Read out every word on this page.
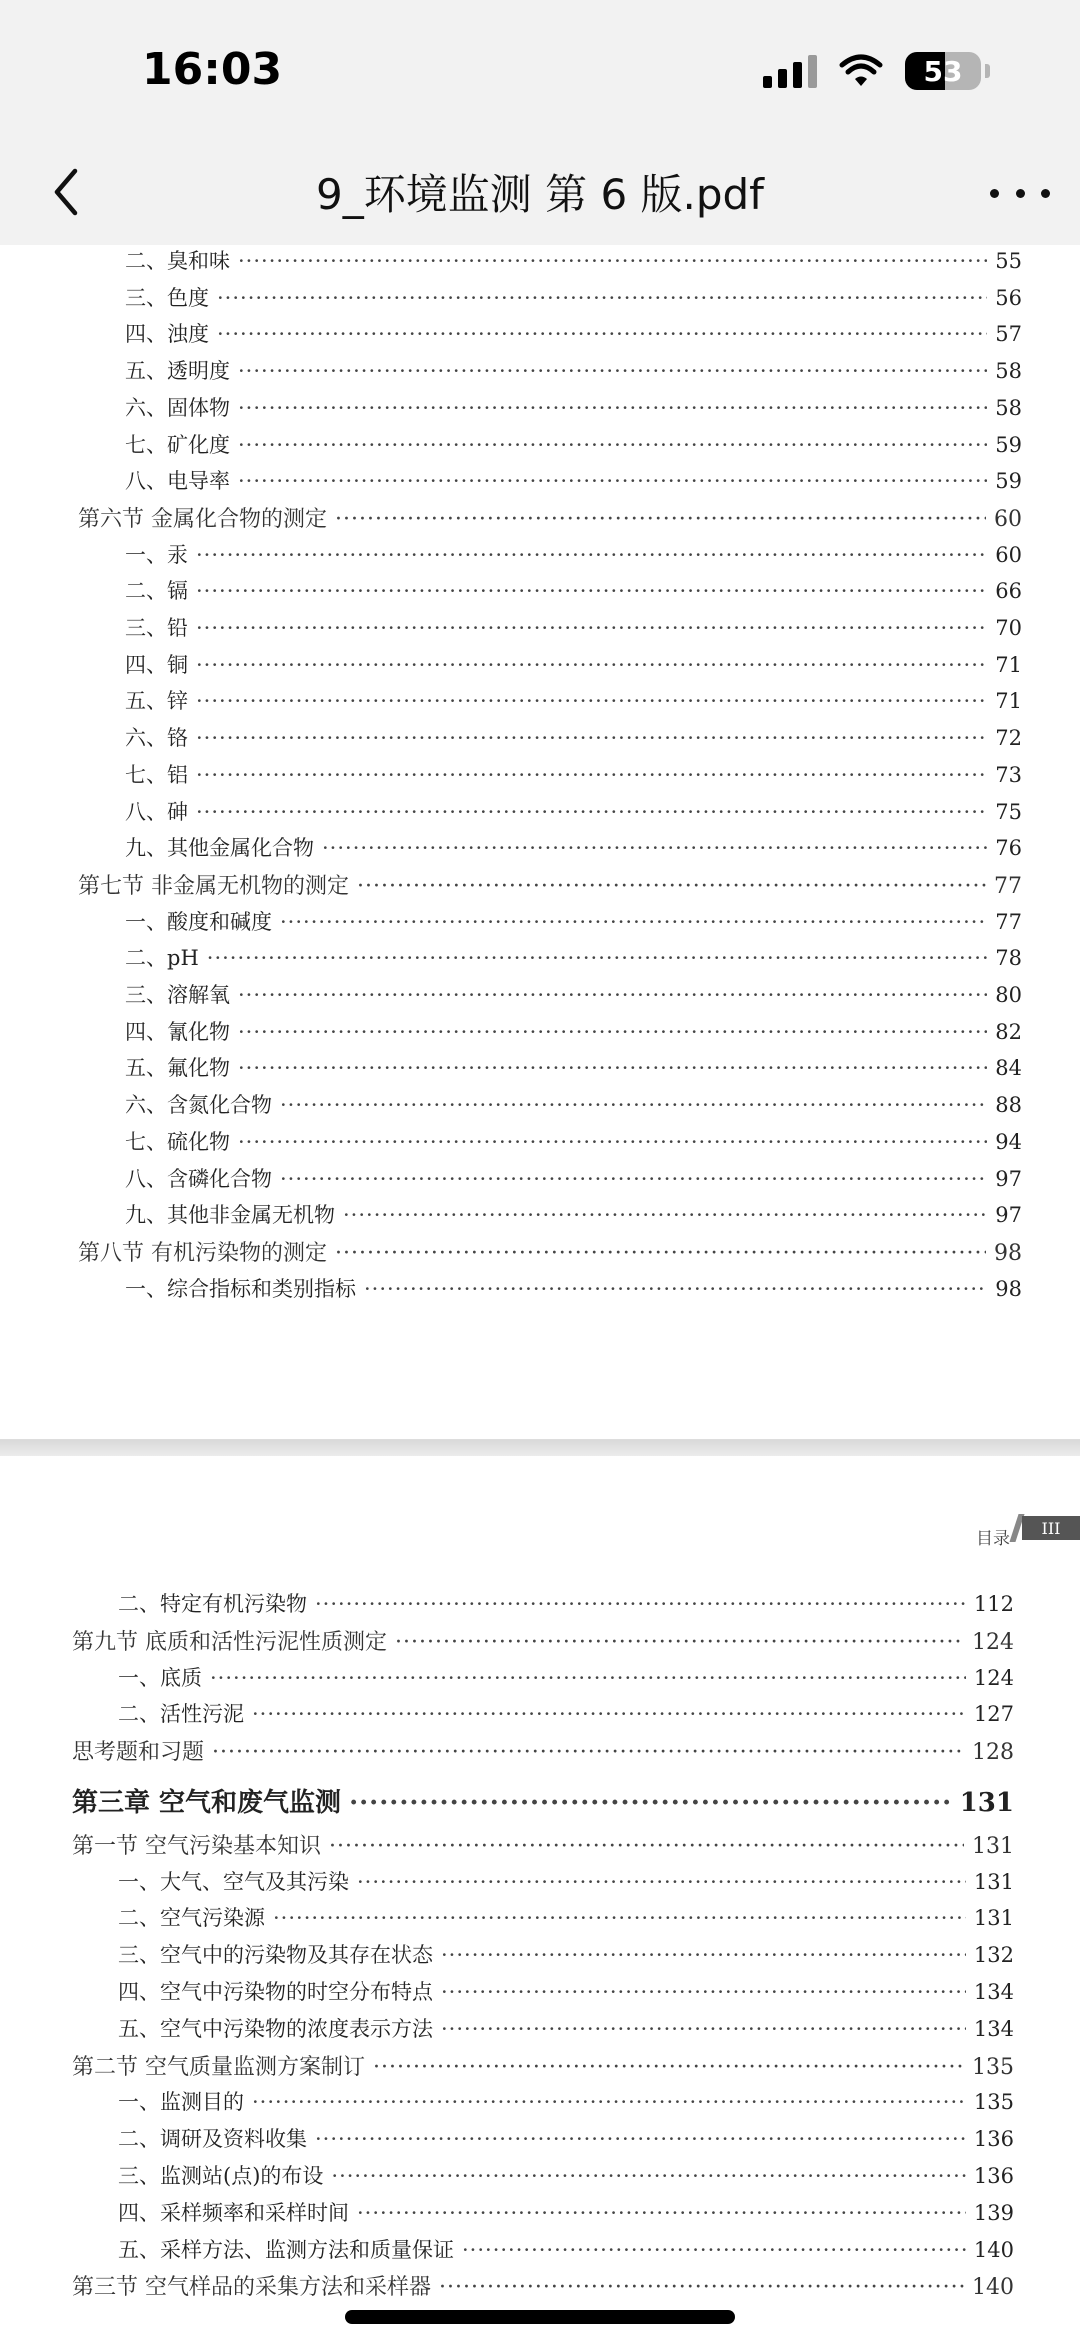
16:03	53
9_环境监测 第 6 版.pdf
二、臭和味 ·····	55
三、色度 ·····	56
四、浊度 ·····	57
五、透明度 ·····	58
六、固体物 ·····	58
七、矿化度 ·····	59
八、电导率 ·····	59
第六节 金属化合物的测定 ·····	60
一、汞 ·····	60
二、镉 ·····	66
三、铅 ·····	70
四、铜 ·····	71
五、锌 ·····	71
六、铬 ·····	72
七、铝 ·····	73
八、砷 ·····	75
九、其他金属化合物 ·····	76
第七节 非金属无机物的测定 ·····	77
一、酸度和碱度 ·····	77
二、pH ·····	78
三、溶解氧 ·····	80
四、氰化物 ·····	82
五、氟化物 ·····	84
六、含氮化合物 ·····	88
七、硫化物 ·····	94
八、含磷化合物 ·····	97
九、其他非金属无机物 ·····	97
第八节 有机污染物的测定 ·····	98
一、综合指标和类别指标 ·····	98
目录
III
二、特定有机污染物 ·····	112
第九节 底质和活性污泥性质测定 ·····	124
一、底质 ·····	124
二、活性污泥 ·····	127
思考题和习题 ·····	128
第三章 空气和废气监测 ·····	131
第一节 空气污染基本知识 ·····	131
一、大气、空气及其污染 ·····	131
二、空气污染源 ·····	131
三、空气中的污染物及其存在状态 ·····	132
四、空气中污染物的时空分布特点 ·····	134
五、空气中污染物的浓度表示方法 ·····	134
第二节 空气质量监测方案制订 ·····	135
一、监测目的 ·····	135
二、调研及资料收集 ·····	136
三、监测站(点)的布设 ·····	136
四、采样频率和采样时间 ·····	139
五、采样方法、监测方法和质量保证 ·····	140
第三节 空气样品的采集方法和采样器 ·····	140
